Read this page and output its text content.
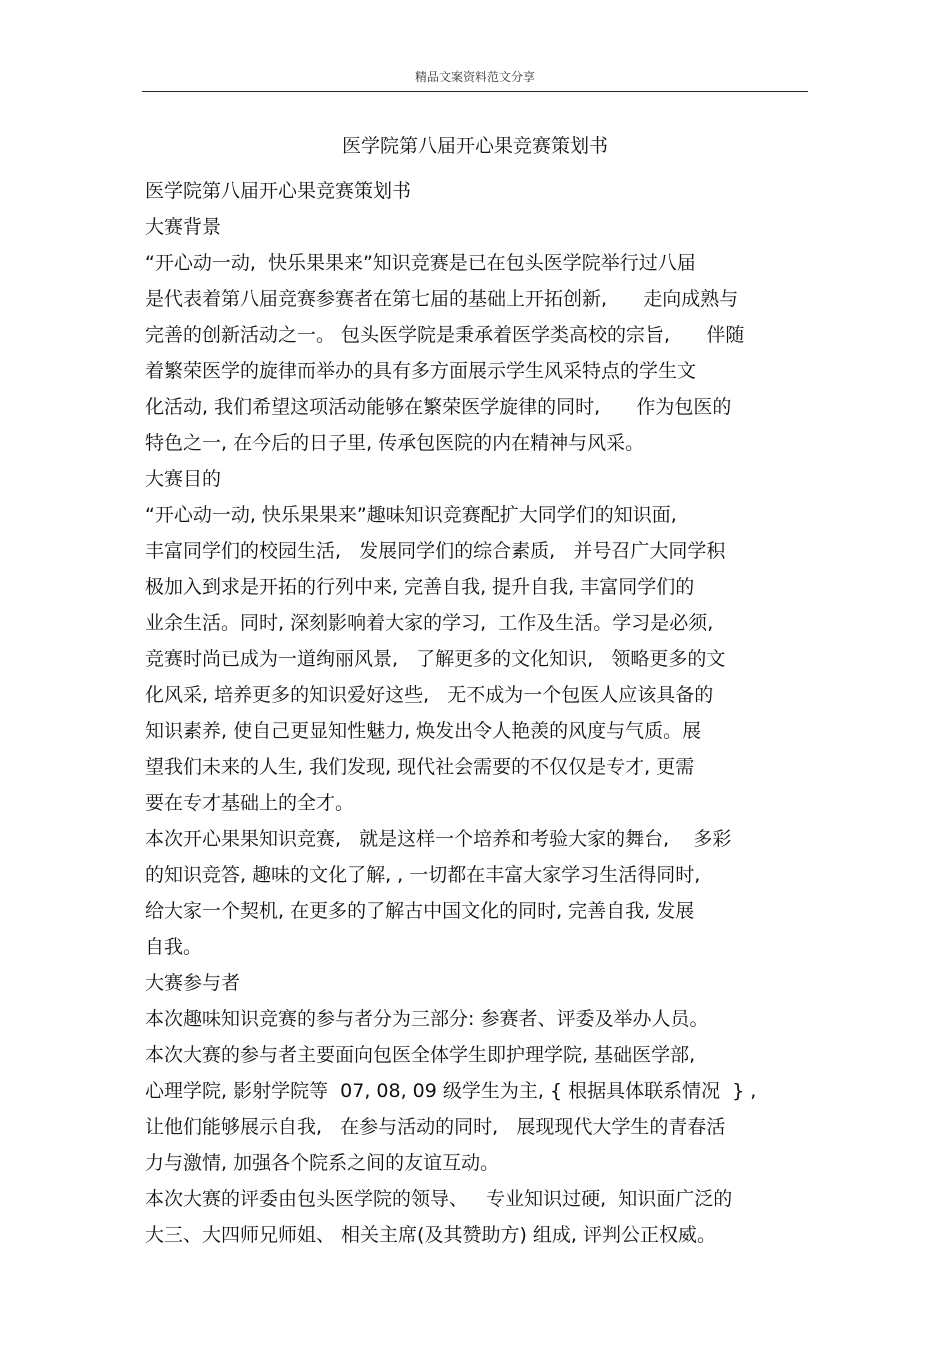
精品文案资料范文分享
医学院第八届开心果竞赛策划书
医学院第八届开心果竞赛策划书
大赛背景
“开心动一动,  快乐果果来”知识竞赛是已在包头医学院举行过八届
是代表着第八届竞赛参赛者在第七届的基础上开拓创新,      走向成熟与
完善的创新活动之一。 包头医学院是秉承着医学类高校的宗旨,      伴随
着繁荣医学的旋律而举办的具有多方面展示学生风采特点的学生文
化活动, 我们希望这项活动能够在繁荣医学旋律的同时,      作为包医的
特色之一, 在今后的日子里, 传承包医院的内在精神与风采。
大赛目的
“开心动一动, 快乐果果来”趣味知识竞赛配扩大同学们的知识面,
丰富同学们的校园生活,   发展同学们的综合素质,   并号召广大同学积
极加入到求是开拓的行列中来, 完善自我, 提升自我, 丰富同学们的
业余生活。同时, 深刻影响着大家的学习,  工作及生活。学习是必须,
竞赛时尚已成为一道绚丽风景,   了解更多的文化知识,   领略更多的文
化风采, 培养更多的知识爱好这些,   无不成为一个包医人应该具备的
知识素养, 使自己更显知性魅力, 焕发出令人艳羡的风度与气质。展
望我们未来的人生, 我们发现, 现代社会需要的不仅仅是专才, 更需
要在专才基础上的全才。
本次开心果果知识竞赛,   就是这样一个培养和考验大家的舞台,    多彩
的知识竞答, 趣味的文化了解, , 一切都在丰富大家学习生活得同时,
给大家一个契机, 在更多的了解古中国文化的同时, 完善自我, 发展
自我。
大赛参与者
本次趣味知识竞赛的参与者分为三部分: 参赛者、评委及举办人员。
本次大赛的参与者主要面向包医全体学生即护理学院, 基础医学部,
心理学院, 影射学院等  07, 08, 09 级学生为主, { 根据具体联系情况  } ,
让他们能够展示自我,   在参与活动的同时,   展现现代大学生的青春活
力与激情, 加强各个院系之间的友谊互动。
本次大赛的评委由包头医学院的领导、   专业知识过硬,  知识面广泛的
大三、大四师兄师姐、 相关主席(及其赞助方) 组成, 评判公正权威。
